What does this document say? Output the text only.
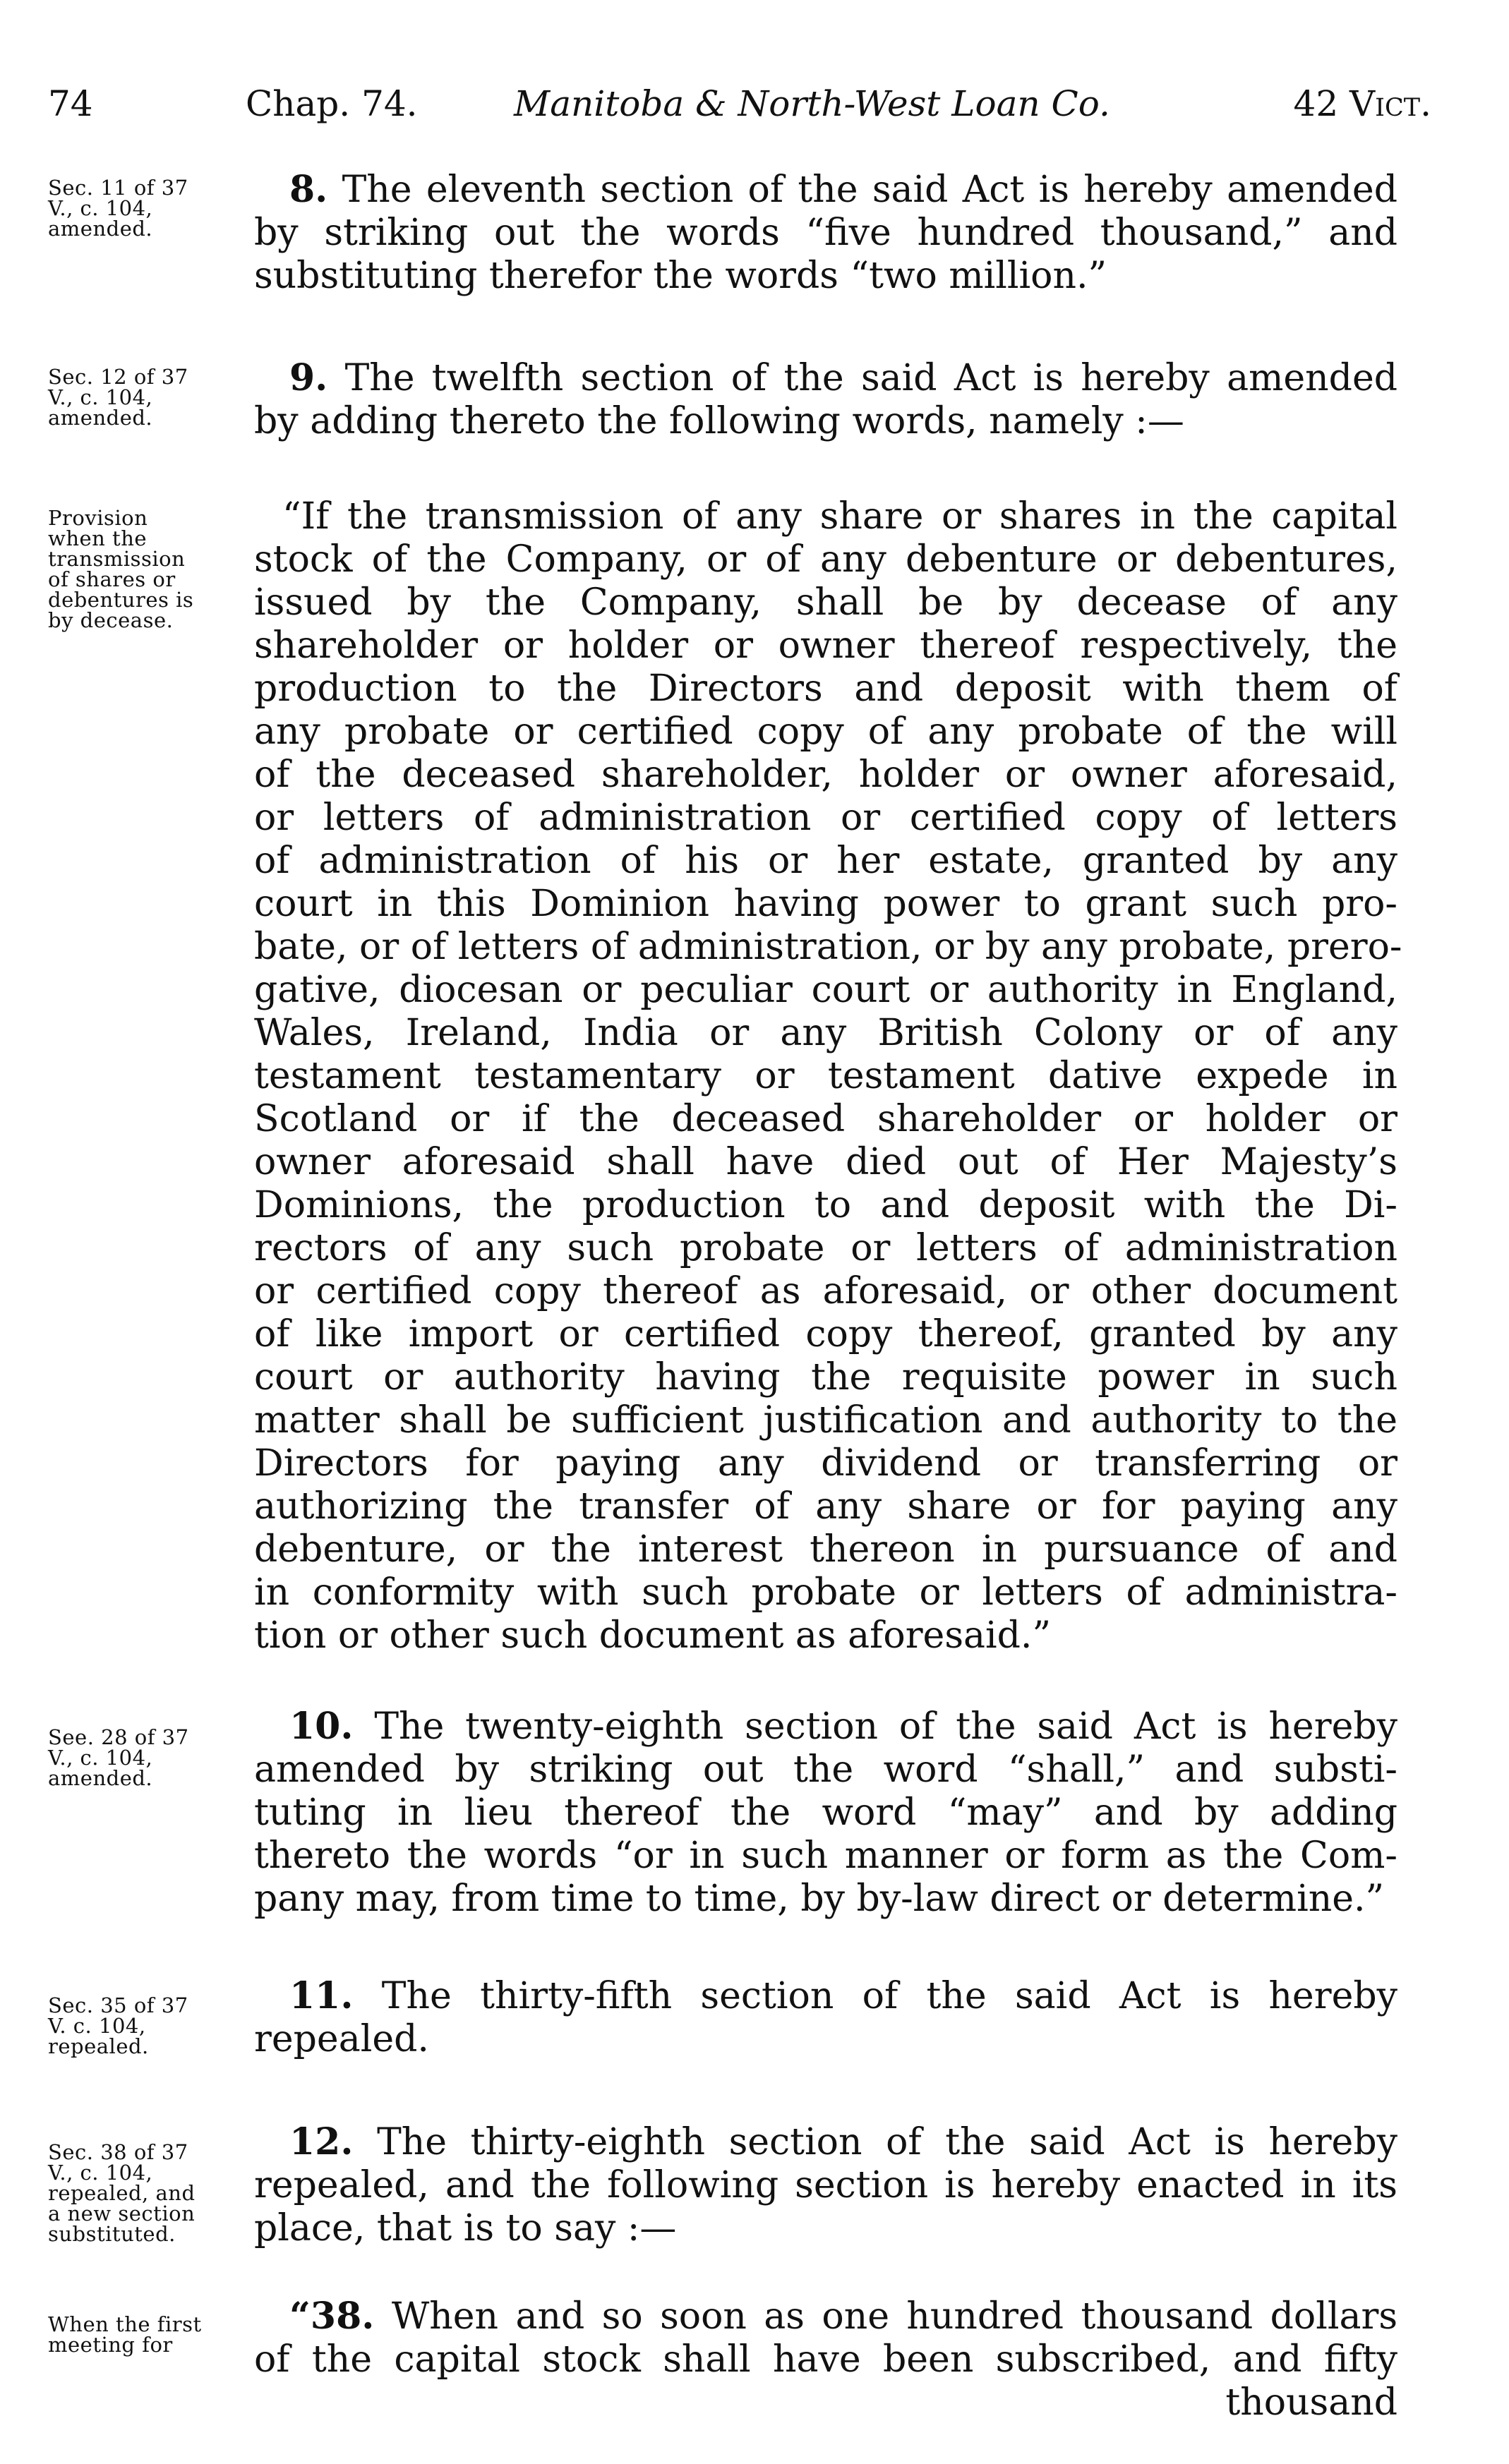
74	Chap. 74.	Manitoba & North-West Loan Co.	42 Vict.
Sec. 11 of 37
V., c. 104,
amended.
8. The eleventh section of the said Act is hereby amended
by striking out the words “five hundred thousand,” and
substituting therefor the words “two million.”
Sec. 12 of 37
V., c. 104,
amended.
9. The twelfth section of the said Act is hereby amended
by adding thereto the following words, namely :—
Provision
when the
transmission
of shares or
debentures is
by decease.
“If the transmission of any share or shares in the capital
stock of the Company, or of any debenture or debentures,
issued by the Company, shall be by decease of any
shareholder or holder or owner thereof respectively, the
production to the Directors and deposit with them of
any probate or certified copy of any probate of the will
of the deceased shareholder, holder or owner aforesaid,
or letters of administration or certified copy of letters
of administration of his or her estate, granted by any
court in this Dominion having power to grant such pro-
bate, or of letters of administration, or by any probate, prero-
gative, diocesan or peculiar court or authority in England,
Wales, Ireland, India or any British Colony or of any
testament testamentary or testament dative expede in
Scotland or if the deceased shareholder or holder or
owner aforesaid shall have died out of Her Majesty’s
Dominions, the production to and deposit with the Di-
rectors of any such probate or letters of administration
or certified copy thereof as aforesaid, or other document
of like import or certified copy thereof, granted by any
court or authority having the requisite power in such
matter shall be sufficient justification and authority to the
Directors for paying any dividend or transferring or
authorizing the transfer of any share or for paying any
debenture, or the interest thereon in pursuance of and
in conformity with such probate or letters of administra-
tion or other such document as aforesaid.”
See. 28 of 37
V., c. 104,
amended.
10. The twenty-eighth section of the said Act is hereby
amended by striking out the word “shall,” and substi-
tuting in lieu thereof the word “may” and by adding
thereto the words “or in such manner or form as the Com-
pany may, from time to time, by by-law direct or determine.”
Sec. 35 of 37
V. c. 104,
repealed.
11. The thirty-fifth section of the said Act is hereby
repealed.
Sec. 38 of 37
V., c. 104,
repealed, and
a new section
substituted.
12. The thirty-eighth section of the said Act is hereby
repealed, and the following section is hereby enacted in its
place, that is to say :—
When the first
meeting for
“38. When and so soon as one hundred thousand dollars
of the capital stock shall have been subscribed, and fifty
thousand
